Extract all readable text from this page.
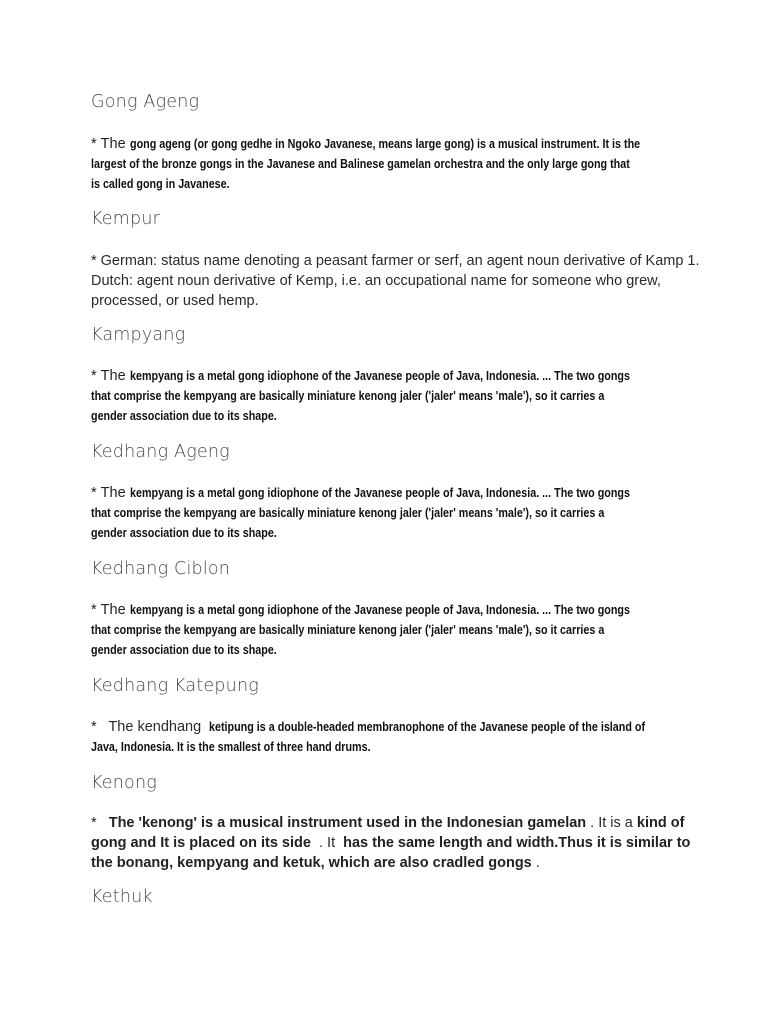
Gong Ageng
* The gong ageng (or gong gedhe in Ngoko Javanese, means large gong) is a musical instrument. It is the
largest of the bronze gongs in the Javanese and Balinese gamelan orchestra and the only large gong that
is called gong in Javanese.
Kempur
* German: status name denoting a peasant farmer or serf, an agent noun derivative of Kamp 1.
Dutch: agent noun derivative of Kemp, i.e. an occupational name for someone who grew,
processed, or used hemp.
Kampyang
* The kempyang is a metal gong idiophone of the Javanese people of Java, Indonesia. ... The two gongs
that comprise the kempyang are basically miniature kenong jaler ('jaler' means 'male'), so it carries a
gender association due to its shape.
Kedhang Ageng
* The kempyang is a metal gong idiophone of the Javanese people of Java, Indonesia. ... The two gongs
that comprise the kempyang are basically miniature kenong jaler ('jaler' means 'male'), so it carries a
gender association due to its shape.
Kedhang Ciblon
* The kempyang is a metal gong idiophone of the Javanese people of Java, Indonesia. ... The two gongs
that comprise the kempyang are basically miniature kenong jaler ('jaler' means 'male'), so it carries a
gender association due to its shape.
Kedhang Katepung
*   The kendhang  ketipung is a double-headed membranophone of the Javanese people of the island of
Java, Indonesia. It is the smallest of three hand drums.
Kenong
*   The 'kenong' is a musical instrument used in the Indonesian gamelan . It is a kind of
gong and It is placed on its side  . It  has the same length and width.Thus it is similar to
the bonang, kempyang and ketuk, which are also cradled gongs .
Kethuk
